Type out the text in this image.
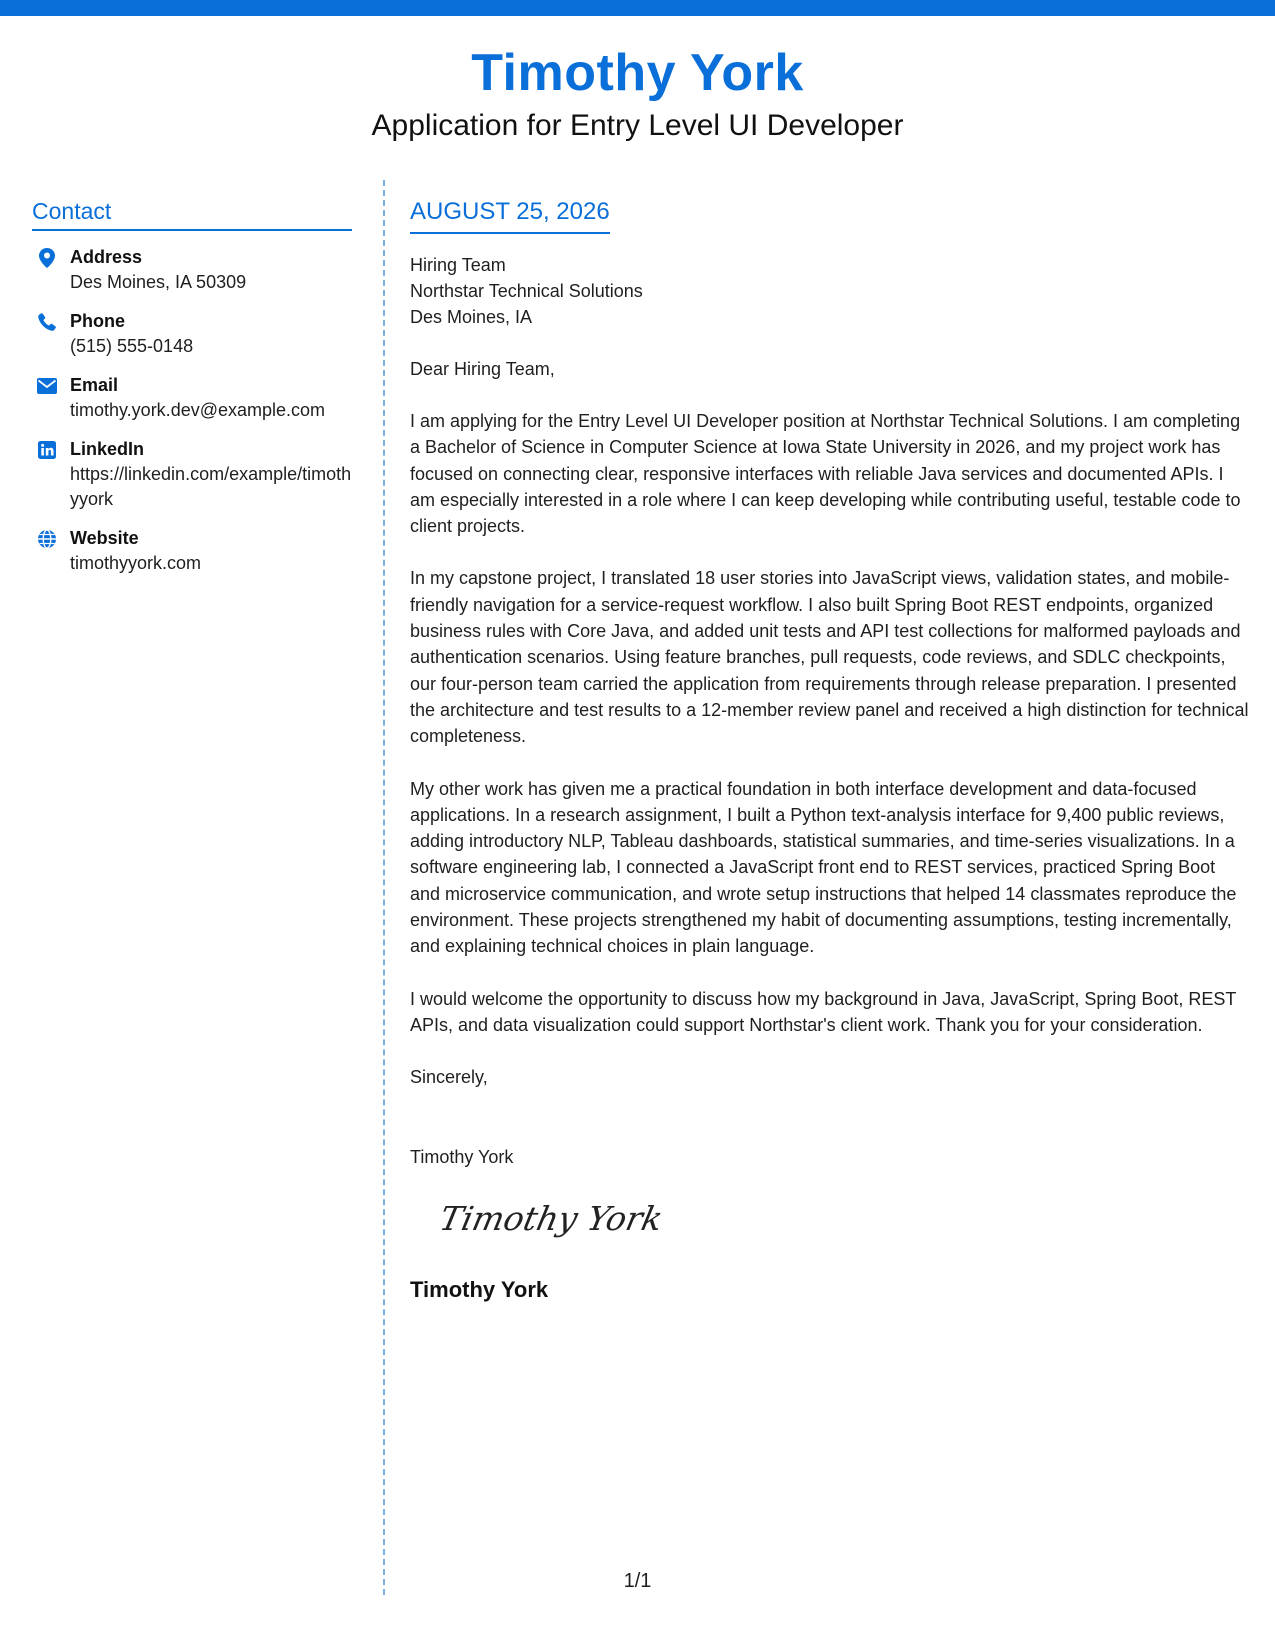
Timothy York
Application for Entry Level UI Developer
Contact
Address
Des Moines, IA 50309
Phone
(515) 555-0148
Email
timothy.york.dev@example.com
LinkedIn
https://linkedin.com/example/timothyyork
Website
timothyyork.com
AUGUST 25, 2026
Hiring Team
Northstar Technical Solutions
Des Moines, IA
Dear Hiring Team,
I am applying for the Entry Level UI Developer position at Northstar Technical Solutions. I am completing a Bachelor of Science in Computer Science at Iowa State University in 2026, and my project work has focused on connecting clear, responsive interfaces with reliable Java services and documented APIs. I am especially interested in a role where I can keep developing while contributing useful, testable code to client projects.
In my capstone project, I translated 18 user stories into JavaScript views, validation states, and mobile-friendly navigation for a service-request workflow. I also built Spring Boot REST endpoints, organized business rules with Core Java, and added unit tests and API test collections for malformed payloads and authentication scenarios. Using feature branches, pull requests, code reviews, and SDLC checkpoints, our four-person team carried the application from requirements through release preparation. I presented the architecture and test results to a 12-member review panel and received a high distinction for technical completeness.
My other work has given me a practical foundation in both interface development and data-focused applications. In a research assignment, I built a Python text-analysis interface for 9,400 public reviews, adding introductory NLP, Tableau dashboards, statistical summaries, and time-series visualizations. In a software engineering lab, I connected a JavaScript front end to REST services, practiced Spring Boot and microservice communication, and wrote setup instructions that helped 14 classmates reproduce the environment. These projects strengthened my habit of documenting assumptions, testing incrementally, and explaining technical choices in plain language.
I would welcome the opportunity to discuss how my background in Java, JavaScript, Spring Boot, REST APIs, and data visualization could support Northstar's client work. Thank you for your consideration.
Sincerely,
Timothy York
Timothy York
Timothy York
1/1
